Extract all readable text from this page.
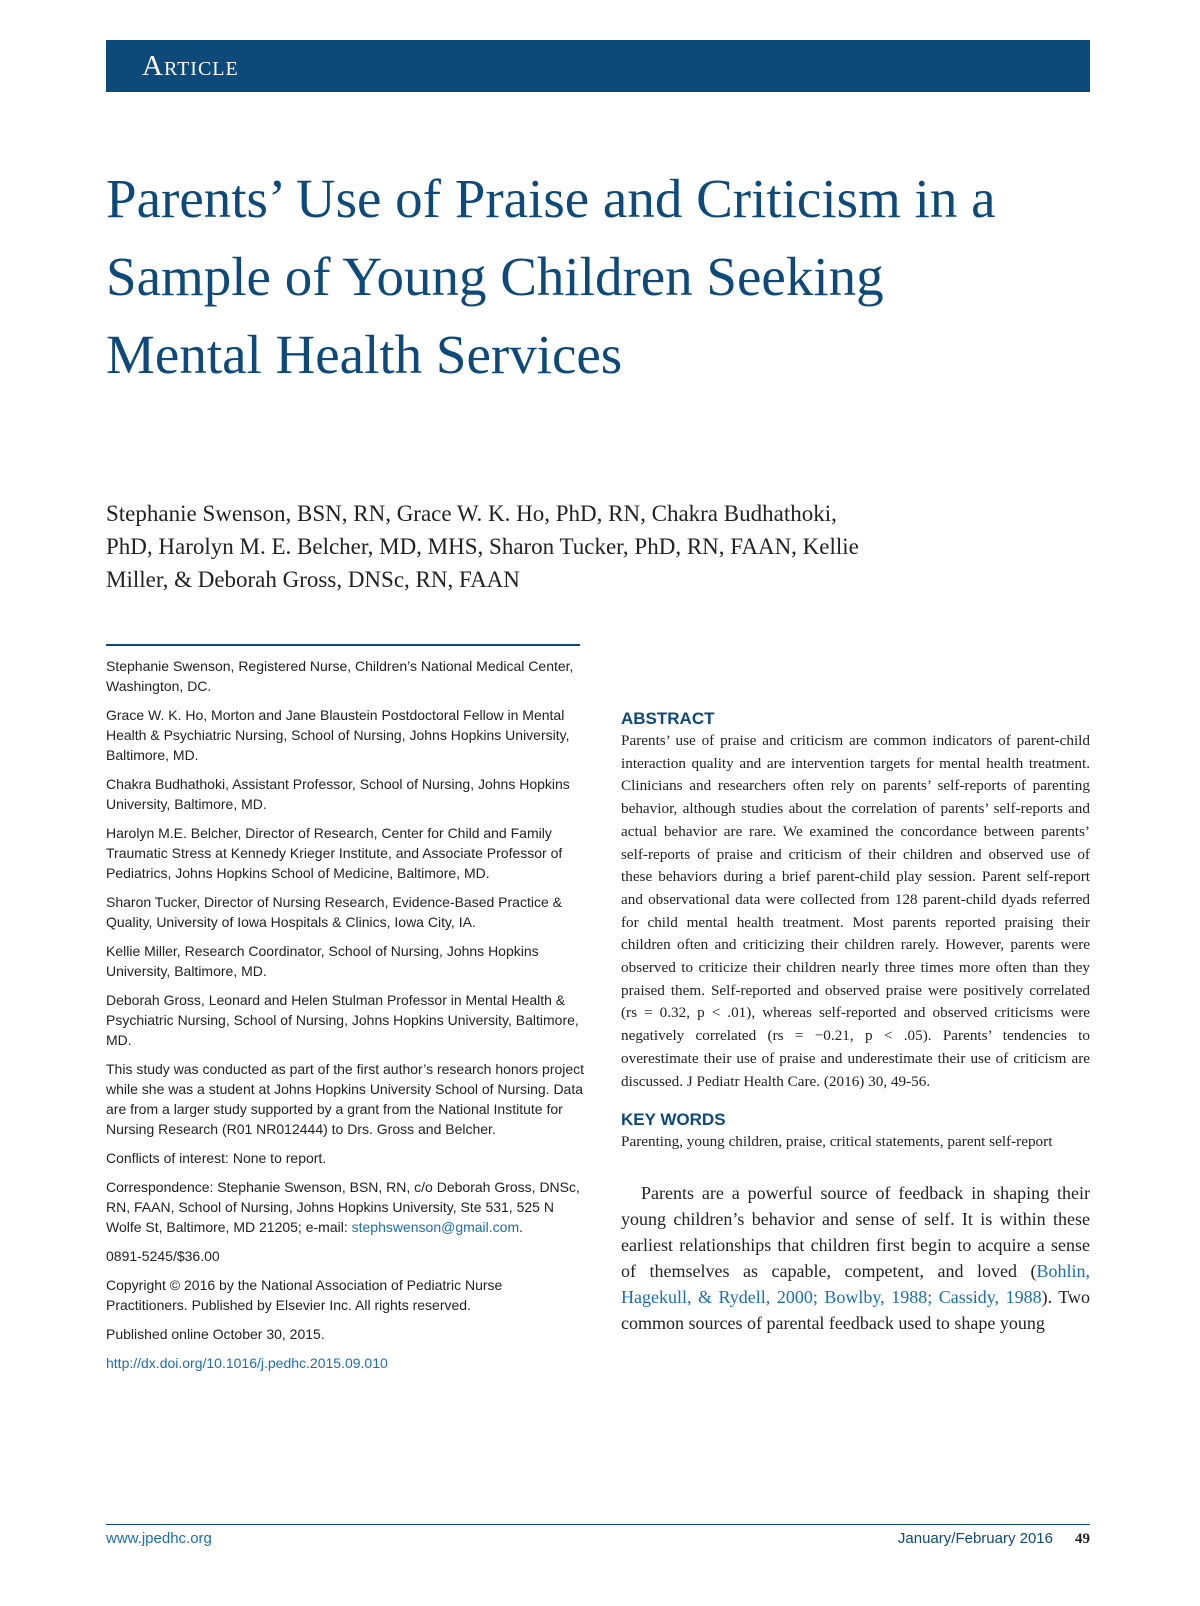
Article
Parents’ Use of Praise and Criticism in a Sample of Young Children Seeking Mental Health Services
Stephanie Swenson, BSN, RN, Grace W. K. Ho, PhD, RN, Chakra Budhathoki, PhD, Harolyn M. E. Belcher, MD, MHS, Sharon Tucker, PhD, RN, FAAN, Kellie Miller, & Deborah Gross, DNSc, RN, FAAN

Stephanie Swenson, Registered Nurse, Children’s National Medical Center, Washington, DC.

Grace W. K. Ho, Morton and Jane Blaustein Postdoctoral Fellow in Mental Health & Psychiatric Nursing, School of Nursing, Johns Hopkins University, Baltimore, MD.

Chakra Budhathoki, Assistant Professor, School of Nursing, Johns Hopkins University, Baltimore, MD.

Harolyn M.E. Belcher, Director of Research, Center for Child and Family Traumatic Stress at Kennedy Krieger Institute, and Associate Professor of Pediatrics, Johns Hopkins School of Medicine, Baltimore, MD.

Sharon Tucker, Director of Nursing Research, Evidence-Based Practice & Quality, University of Iowa Hospitals & Clinics, Iowa City, IA.

Kellie Miller, Research Coordinator, School of Nursing, Johns Hopkins University, Baltimore, MD.

Deborah Gross, Leonard and Helen Stulman Professor in Mental Health & Psychiatric Nursing, School of Nursing, Johns Hopkins University, Baltimore, MD.

This study was conducted as part of the first author’s research honors project while she was a student at Johns Hopkins University School of Nursing. Data are from a larger study supported by a grant from the National Institute for Nursing Research (R01 NR012444) to Drs. Gross and Belcher.

Conflicts of interest: None to report.

Correspondence: Stephanie Swenson, BSN, RN, c/o Deborah Gross, DNSc, RN, FAAN, School of Nursing, Johns Hopkins University, Ste 531, 525 N Wolfe St, Baltimore, MD 21205; e-mail: stephswenson@gmail.com.

0891-5245/$36.00

Copyright © 2016 by the National Association of Pediatric Nurse Practitioners. Published by Elsevier Inc. All rights reserved.

Published online October 30, 2015.

http://dx.doi.org/10.1016/j.pedhc.2015.09.010

ABSTRACT

Parents’ use of praise and criticism are common indicators of parent-child interaction quality and are intervention targets for mental health treatment. Clinicians and researchers often rely on parents’ self-reports of parenting behavior, although studies about the correlation of parents’ self-reports and actual behavior are rare. We examined the concordance between parents’ self-reports of praise and criticism of their children and observed use of these behaviors during a brief parent-child play session. Parent self-report and observational data were collected from 128 parent-child dyads referred for child mental health treatment. Most parents reported praising their children often and criticizing their children rarely. However, parents were observed to criticize their children nearly three times more often than they praised them. Self-reported and observed praise were positively correlated (rs = 0.32, p < .01), whereas self-reported and observed criticisms were negatively correlated (rs = −0.21, p < .05). Parents’ tendencies to overestimate their use of praise and underestimate their use of criticism are discussed. J Pediatr Health Care. (2016) 30, 49-56.

KEY WORDS

Parenting, young children, praise, critical statements, parent self-report

Parents are a powerful source of feedback in shaping their young children’s behavior and sense of self. It is within these earliest relationships that children first begin to acquire a sense of themselves as capable, competent, and loved (Bohlin, Hagekull, & Rydell, 2000; Bowlby, 1988; Cassidy, 1988). Two common sources of parental feedback used to shape young

www.jpedhc.org	January/February 2016 49
